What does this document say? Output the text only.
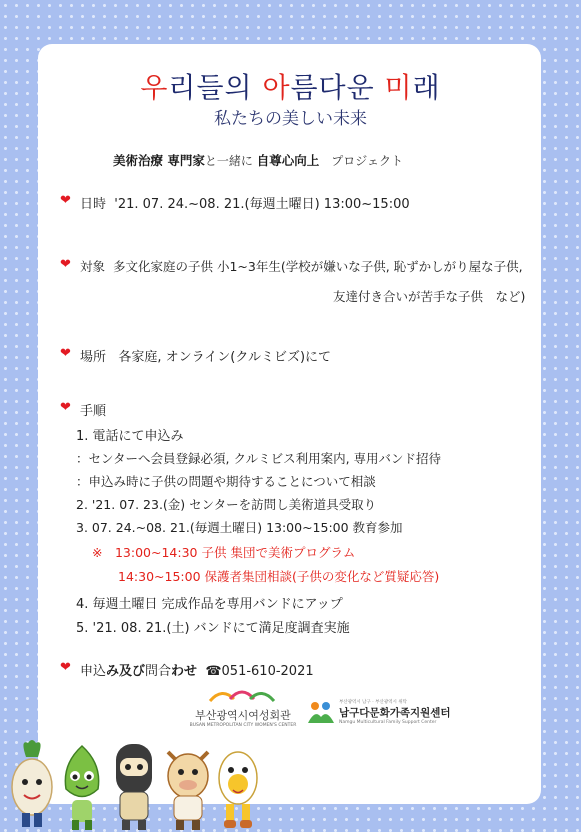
우리들의 아름다운 미래
私たちの美しい未来
美術治療 専門家と一緒に 自尊心向上　プロジェクト
❤ 日時 '21. 07. 24.~08. 21.(毎週土曜日) 13:00~15:00
❤ 対象 多文化家庭の子供 小1~3年生(学校が嫌いな子供, 恥ずかしがり屋な子供,
友達付き合いが苦手な子供　など)
❤ 場所 各家庭, オンライン(クルミビズ)にて
❤ 手順
1. 電話にて申込み
：センターへ会員登録必須, クルミビス利用案内, 専用バンド招待
：申込み時に子供の問題や期待することについて相談
2. '21. 07. 23.(金) センターを訪問し美術道具受取り
3. 07. 24.~08. 21.(毎週土曜日) 13:00~15:00 教育参加
※　13:00~14:30 子供 集団で美術プログラム
14:30~15:00 保護者集団相談(子供の変化など質疑応答)
4. 毎週土曜日 完成作品を専用バンドにアップ
5. '21. 08. 21.(土) バンドにて満足度調査実施
❤ 申込み及び問合わせ ☎051-610-2021
부산광역시여성회관
BUSAN METROPOLITAN CITY WOMEN'S CENTER
부산광역시 남구 · 부산광역시 위탁
남구다문화가족지원센터
Namgu Multicultural Family Support Center
